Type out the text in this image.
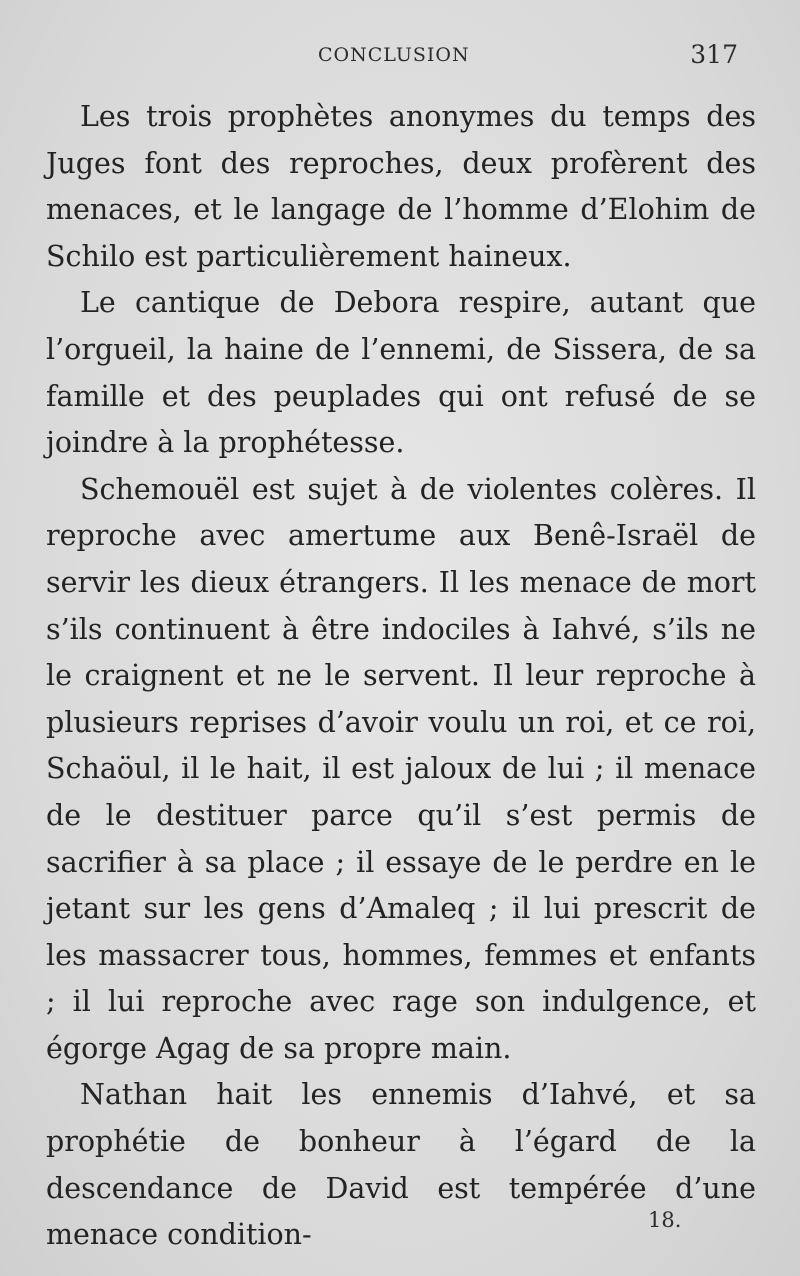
CONCLUSION	317

Les trois prophètes anonymes du temps des Juges font des reproches, deux profèrent des menaces, et le langage de l’homme d’Elohim de Schilo est particulièrement haineux.

Le cantique de Debora respire, autant que l’orgueil, la haine de l’ennemi, de Sissera, de sa famille et des peuplades qui ont refusé de se joindre à la prophétesse.

Schemouël est sujet à de violentes colères. Il reproche avec amertume aux Benê-Israël de servir les dieux étrangers. Il les menace de mort s’ils continuent à être indociles à Iahvé, s’ils ne le craignent et ne le servent. Il leur reproche à plusieurs reprises d’avoir voulu un roi, et ce roi, Schaöul, il le hait, il est jaloux de lui ; il menace de le destituer parce qu’il s’est permis de sacrifier à sa place ; il essaye de le perdre en le jetant sur les gens d’Amaleq ; il lui prescrit de les massacrer tous, hommes, femmes et enfants ; il lui reproche avec rage son indulgence, et égorge Agag de sa propre main.

Nathan hait les ennemis d’Iahvé, et sa prophétie de bonheur à l’égard de la descendance de David est tempérée d’une menace condition-	18.
